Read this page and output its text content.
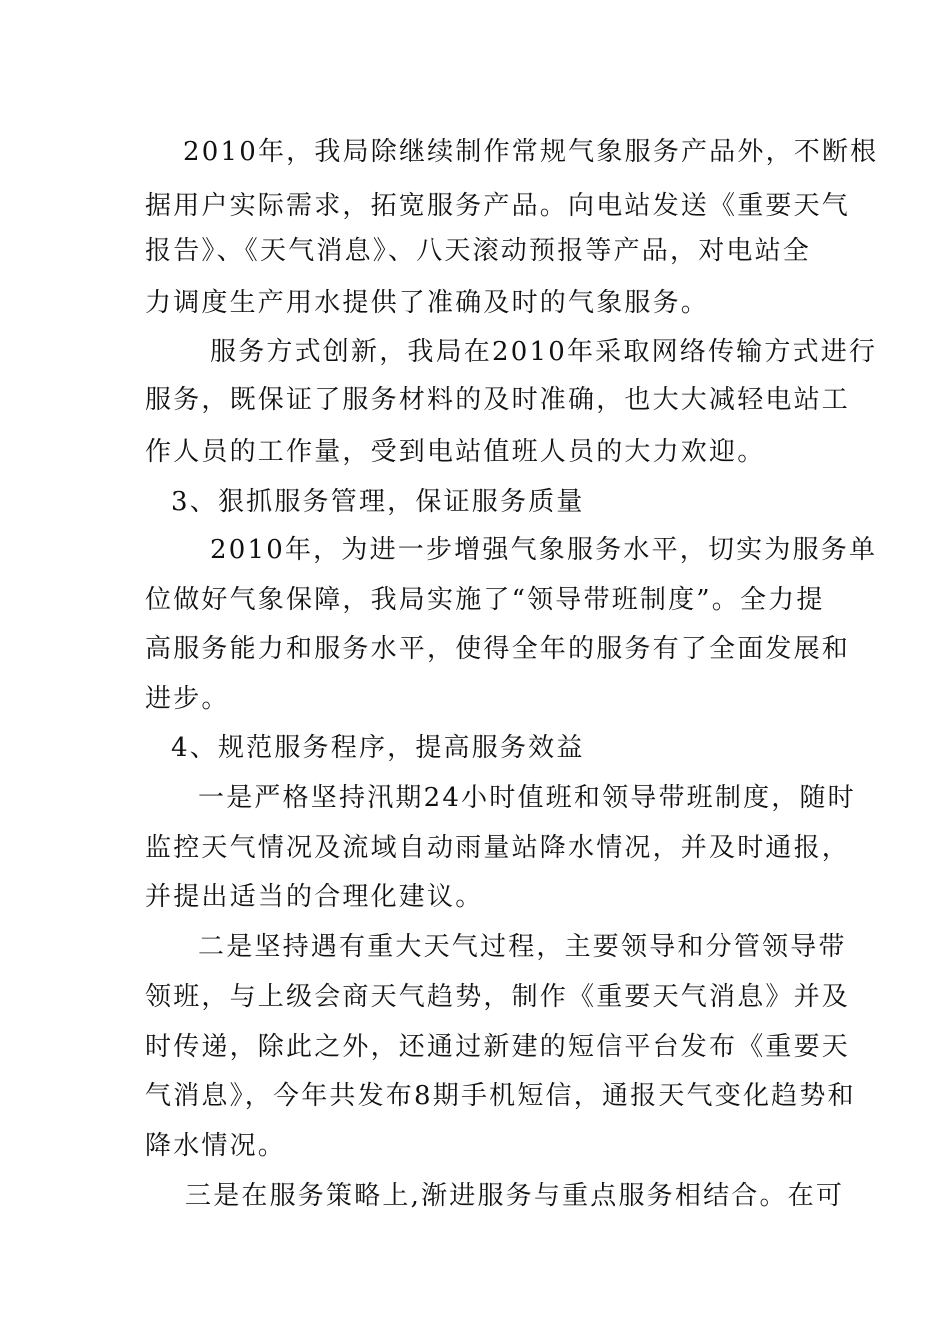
2010年，我局除继续制作常规气象服务产品外，不断根
据用户实际需求，拓宽服务产品。向电站发送《重要天气
报告》、《天气消息》、八天滚动预报等产品，对电站全
力调度生产用水提供了准确及时的气象服务。
服务方式创新，我局在2010年采取网络传输方式进行
服务，既保证了服务材料的及时准确，也大大减轻电站工
作人员的工作量，受到电站值班人员的大力欢迎。
3、狠抓服务管理，保证服务质量
2010年，为进一步增强气象服务水平，切实为服务单
位做好气象保障，我局实施了“领导带班制度”。全力提
高服务能力和服务水平，使得全年的服务有了全面发展和
进步。
4、规范服务程序，提高服务效益
一是严格坚持汛期24小时值班和领导带班制度，随时
监控天气情况及流域自动雨量站降水情况，并及时通报，
并提出适当的合理化建议。
二是坚持遇有重大天气过程，主要领导和分管领导带
领班，与上级会商天气趋势，制作《重要天气消息》并及
时传递，除此之外，还通过新建的短信平台发布《重要天
气消息》，今年共发布8期手机短信，通报天气变化趋势和
降水情况。
三是在服务策略上,渐进服务与重点服务相结合。在可
